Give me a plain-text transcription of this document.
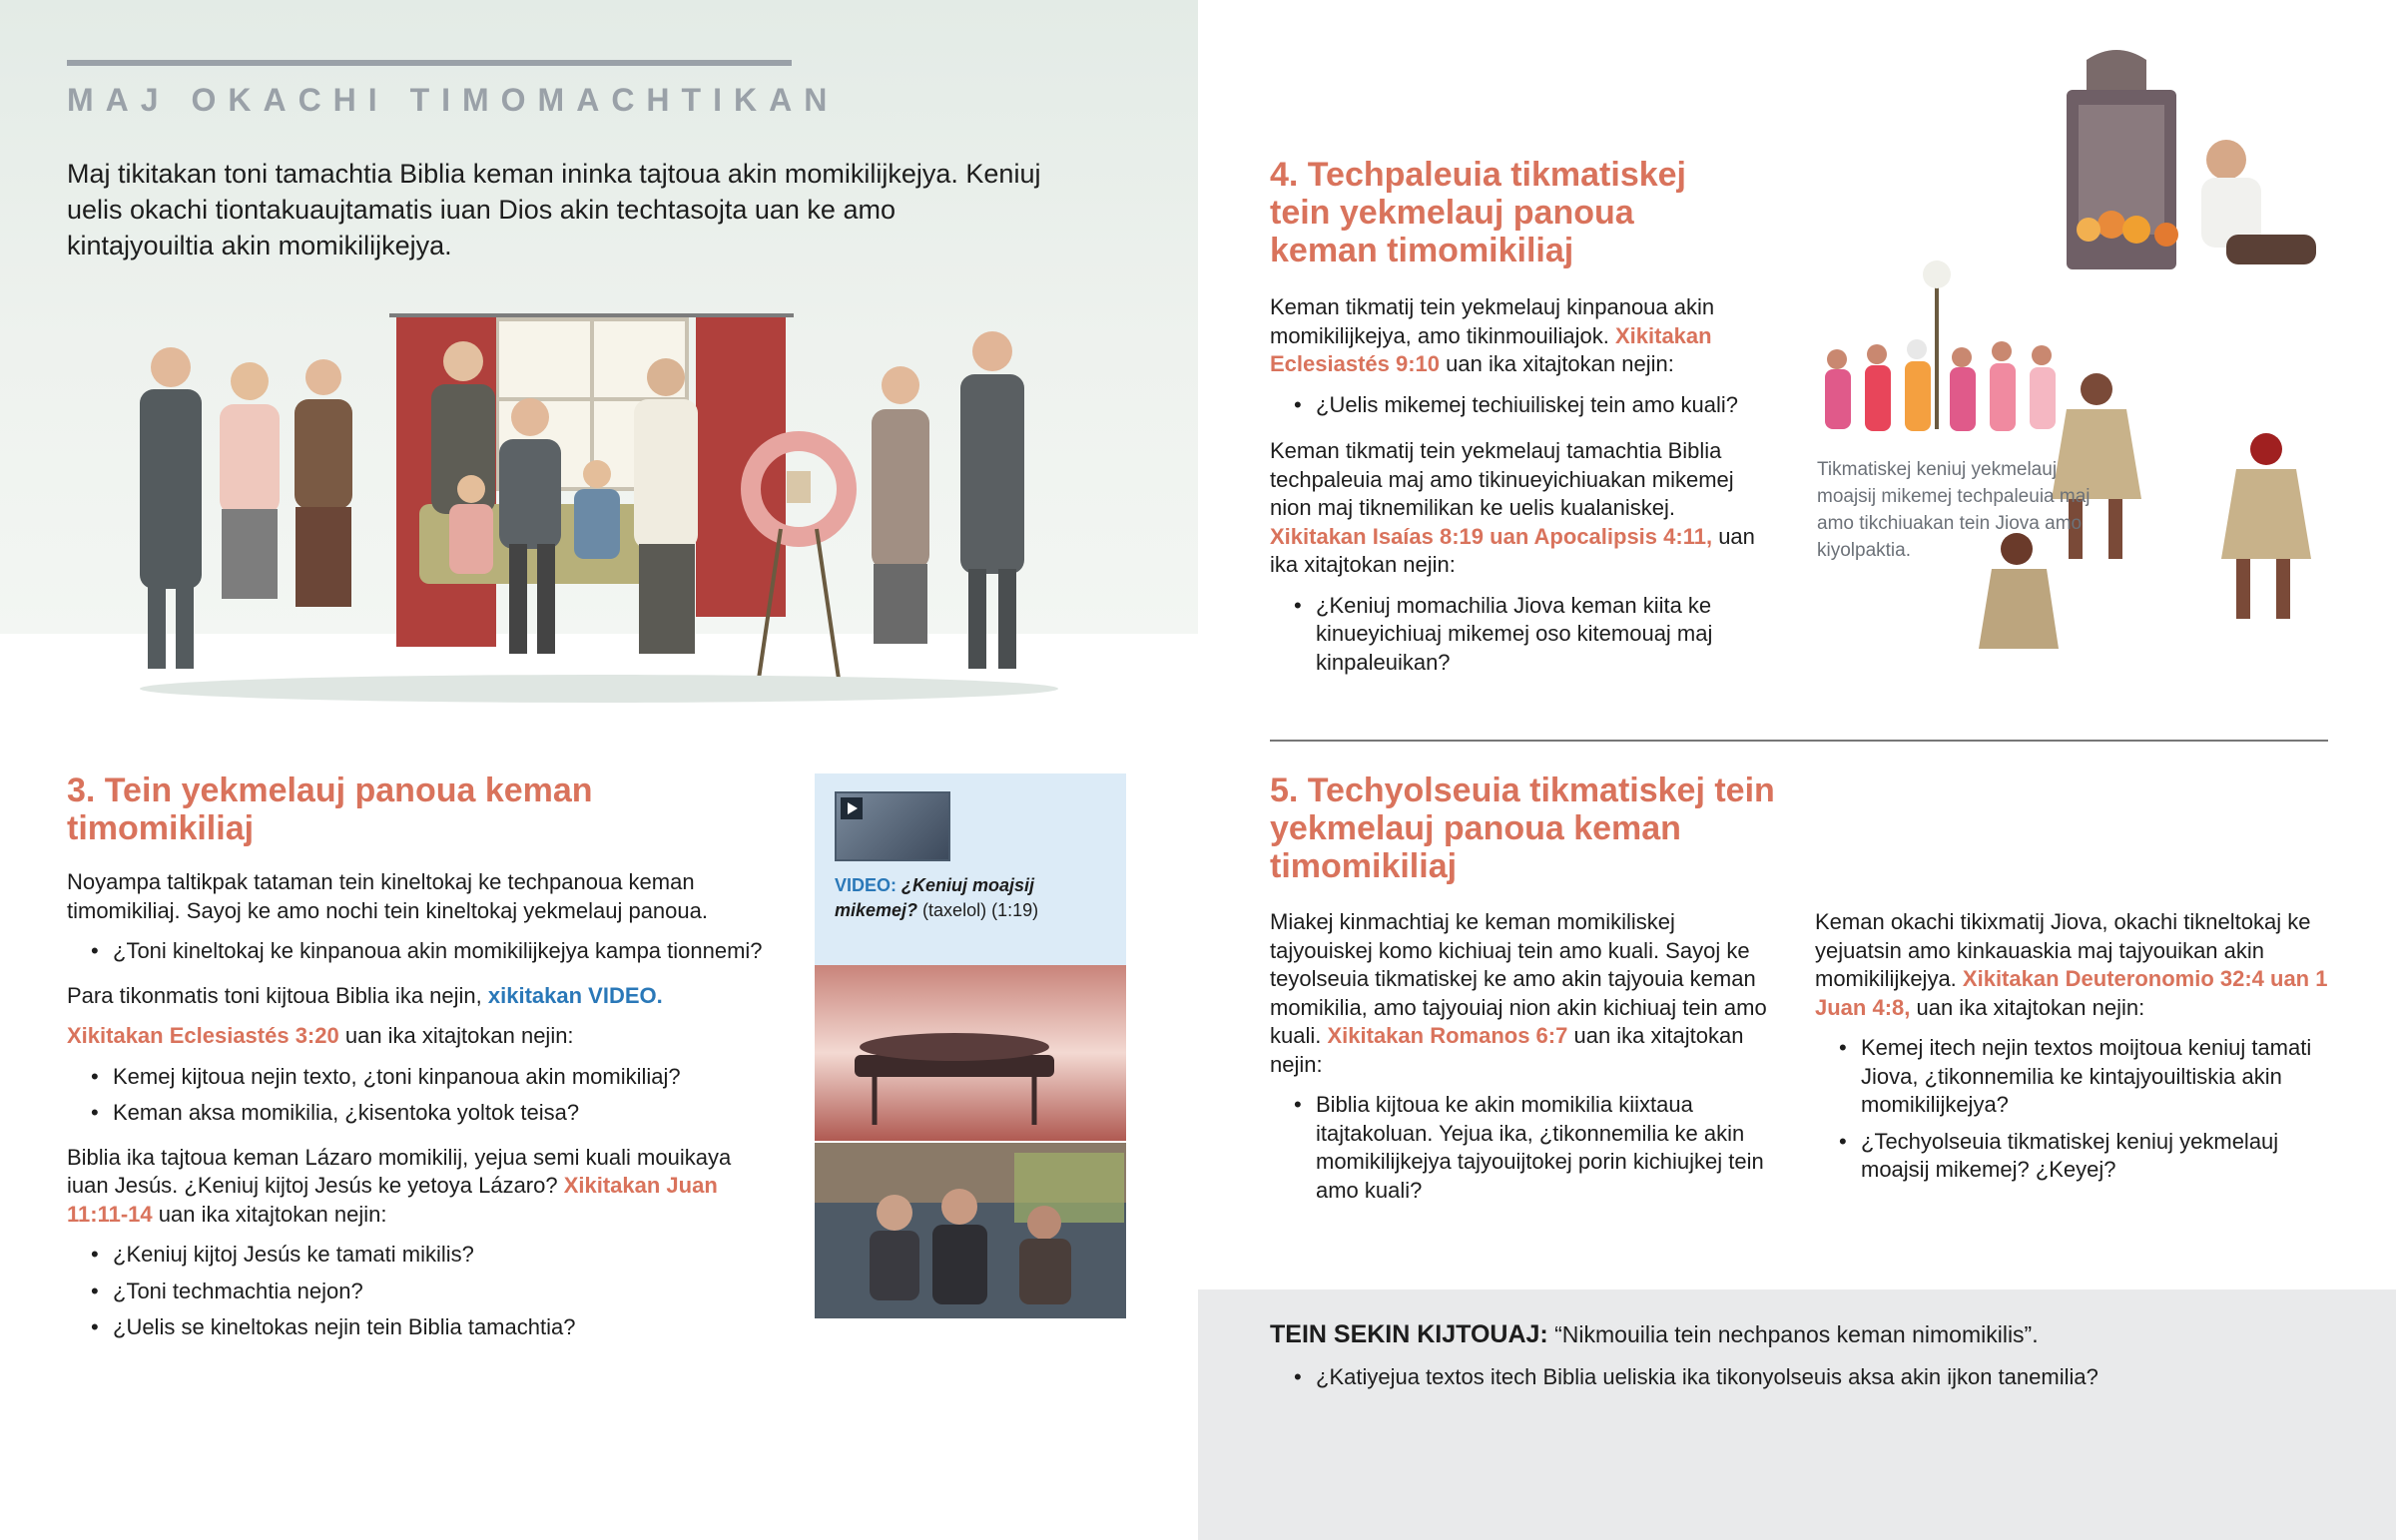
MAJ OKACHI TIMOMACHTIKAN

Maj tikitakan toni tamachtia Biblia keman ininka tajtoua akin momikilijkejya. Keniuj uelis okachi tiontakuaujtamatis iuan Dios akin techtasojta uan ke amo kintajyouiltia akin momikilijkejya.

3. Tein yekmelauj panoua keman timomikiliaj

Noyampa taltikpak tataman tein kineltokaj ke techpanoua keman timomikiliaj. Sayoj ke amo nochi tein kineltokaj yekmelauj panoua.

• ¿Toni kineltokaj ke kinpanoua akin momikilijkejya kampa tionnemi?

Para tikonmatis toni kijtoua Biblia ika nejin, xikitakan VIDEO.

Xikitakan Eclesiastés 3:20 uan ika xitajtokan nejin:

• Kemej kijtoua nejin texto, ¿toni kinpanoua akin momikiliaj?
• Keman aksa momikilia, ¿kisentoka yoltok teisa?

Biblia ika tajtoua keman Lázaro momikilij, yejua semi kuali mouikaya iuan Jesús. ¿Keniuj kijtoj Jesús ke yetoya Lázaro? Xikitakan Juan 11:11-14 uan ika xitajtokan nejin:

• ¿Keniuj kijtoj Jesús ke tamati mikilis?
• ¿Toni techmachtia nejon?
• ¿Uelis se kineltokas nejin tein Biblia tamachtia?
VIDEO: ¿Keniuj moajsij mikemej? (taxelol) (1:19)
4. Techpaleuia tikmatiskej tein yekmelauj panoua keman timomikiliaj

Keman tikmatij tein yekmelauj kinpanoua akin momikilijkejya, amo tikinmouiliajok. Xikitakan Eclesiastés 9:10 uan ika xitajtokan nejin:

• ¿Uelis mikemej techiuiliskej tein amo kuali?

Keman tikmatij tein yekmelauj tamachtia Biblia techpaleuia maj amo tikinueyichiuakan mikemej nion maj tiknemilikan ke uelis kualaniskej. Xikitakan Isaías 8:19 uan Apocalipsis 4:11, uan ika xitajtokan nejin:

• ¿Keniuj momachilia Jiova keman kiita ke kinueyichiuaj mikemej oso kitemouaj maj kinpaleuikan?

Tikmatiskej keniuj yekmelauj moajsij mikemej techpaleuia maj amo tikchiuakan tein Jiova amo kiyolpaktia.

5. Techyolseuia tikmatiskej tein yekmelauj panoua keman timomikiliaj

Miakej kinmachtiaj ke keman momikiliskej tajyouiskej komo kichiuaj tein amo kuali. Sayoj ke teyolseuia tikmatiskej ke amo akin tajyouia keman momikilia, amo tajyouiaj nion akin kichiuaj tein amo kuali. Xikitakan Romanos 6:7 uan ika xitajtokan nejin:

• Biblia kijtoua ke akin momikilia kiixtaua itajtakoluan. Yejua ika, ¿tikonnemilia ke akin momikilijkejya tajyouijtokej porin kichiujkej tein amo kuali?

Keman okachi tikixmatij Jiova, okachi tikneltokaj ke yejuatsin amo kinkauaskia maj tajyouikan akin momikilijkejya. Xikitakan Deuteronomio 32:4 uan 1 Juan 4:8, uan ika xitajtokan nejin:

• Kemej itech nejin textos moijtoua keniuj tamati Jiova, ¿tikonnemilia ke kintajyouiltiskia akin momikilijkejya?
• ¿Techyolseuia tikmatiskej keniuj yekmelauj moajsij mikemej? ¿Keyej?

TEIN SEKIN KIJTOUAJ: “Nikmouilia tein nechpanos keman nimomikilis”.

• ¿Katiyejua textos itech Biblia ueliskia ika tikonyolseuis aksa akin ijkon tanemilia?
